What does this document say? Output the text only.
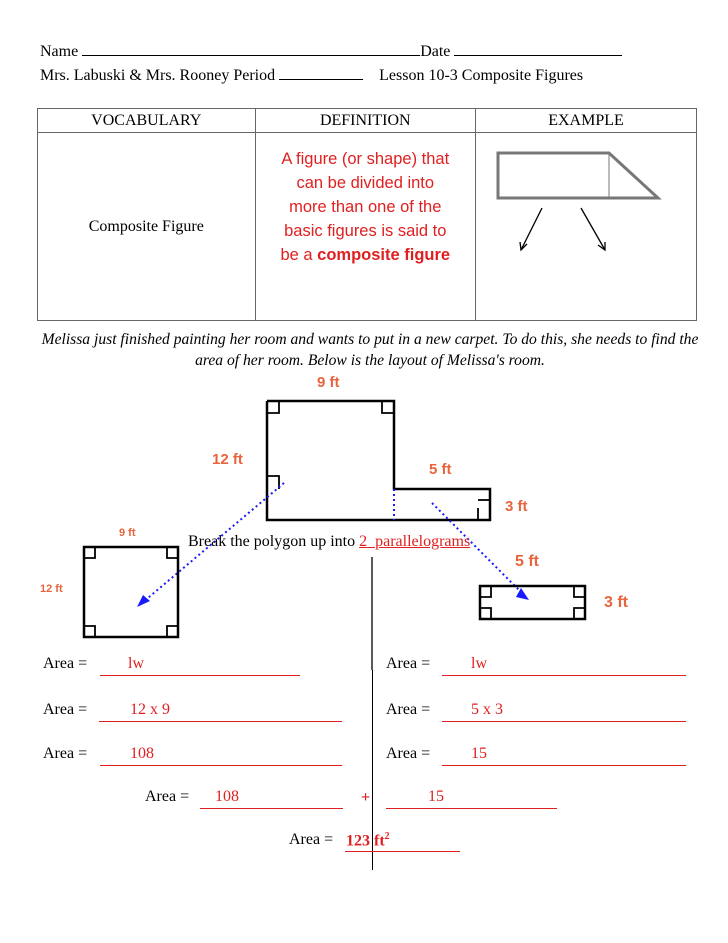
Name	Date
Mrs. Labuski & Mrs. Rooney Period	Lesson 10-3 Composite Figures
VOCABULARY	DEFINITION	EXAMPLE
Composite Figure	A figure (or shape) that
can be divided into
more than one of the
basic figures is said to
be a composite figure

Melissa just finished painting her room and wants to put in a new carpet. To do this, she needs to find the area of her room. Below is the layout of Melissa's room.
9 ft
12 ft
5 ft
3 ft
9 ft
12 ft
5 ft
3 ft
Break the polygon up into 2 parallelograms
Area =	lw
Area =	12 x 9
Area =	108
Area =	lw
Area =	5 x 3
Area =	15
Area = 108	+	15
Area = 123 $ft^2$
